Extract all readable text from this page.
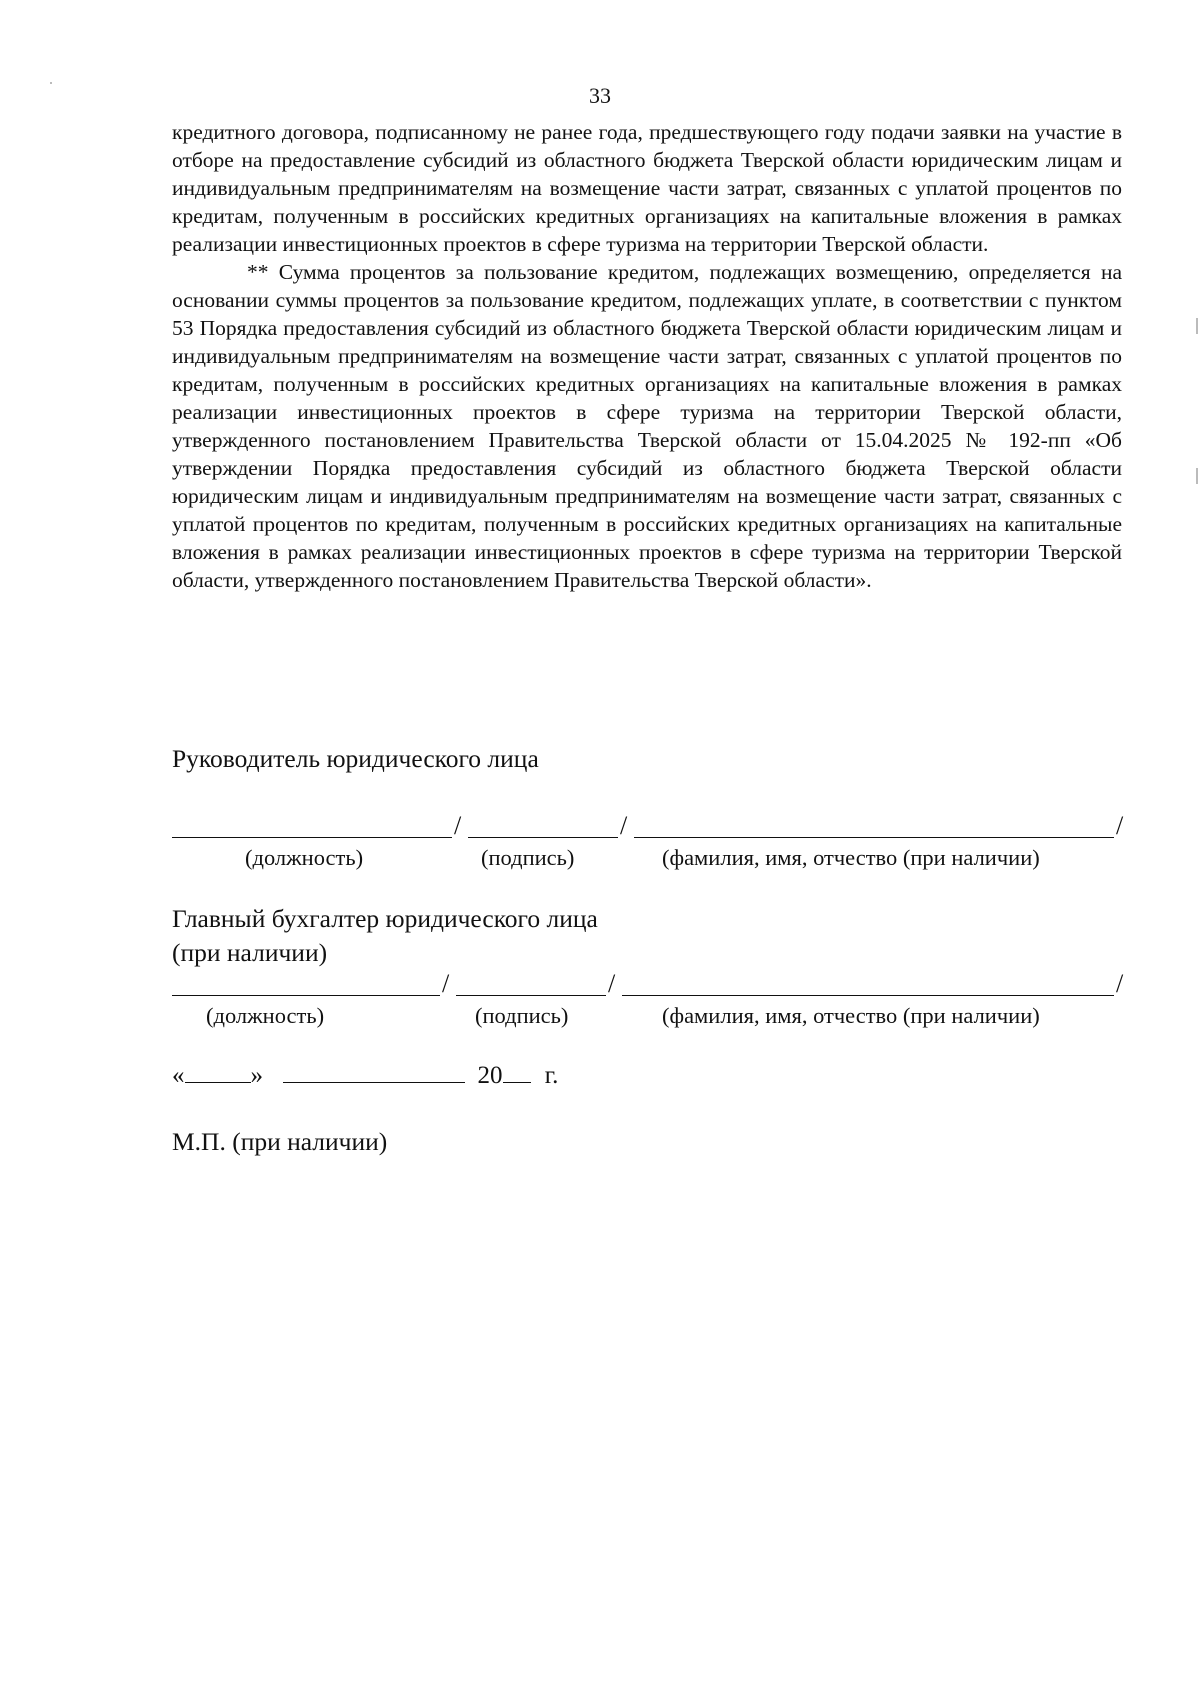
33

кредитного договора, подписанному не ранее года, предшествующего году подачи заявки на участие в отборе на предоставление субсидий из областного бюджета Тверской области юридическим лицам и индивидуальным предпринимателям на возмещение части затрат, связанных с уплатой процентов по кредитам, полученным в российских кредитных организациях на капитальные вложения в рамках реализации инвестиционных проектов в сфере туризма на территории Тверской области.

** Сумма процентов за пользование кредитом, подлежащих возмещению, определяется на основании суммы процентов за пользование кредитом, подлежащих уплате, в соответствии с пунктом 53 Порядка предоставления субсидий из областного бюджета Тверской области юридическим лицам и индивидуальным предпринимателям на возмещение части затрат, связанных с уплатой процентов по кредитам, полученным в российских кредитных организациях на капитальные вложения в рамках реализации инвестиционных проектов в сфере туризма на территории Тверской области, утвержденного постановлением Правительства Тверской области от 15.04.2025 № 192-пп «Об утверждении Порядка предоставления субсидий из областного бюджета Тверской области юридическим лицам и индивидуальным предпринимателям на возмещение части затрат, связанных с уплатой процентов по кредитам, полученным в российских кредитных организациях на капитальные вложения в рамках реализации инвестиционных проектов в сфере туризма на территории Тверской области, утвержденного постановлением Правительства Тверской области».

Руководитель юридического лица
/	/	/
(должность)	(подпись)	(фамилия, имя, отчество (при наличии)
Главный бухгалтер юридического лица
(при наличии)
/	/	/
(должность)	(подпись)	(фамилия, имя, отчество (при наличии)
«	»	20 г.
М.П. (при наличии)
